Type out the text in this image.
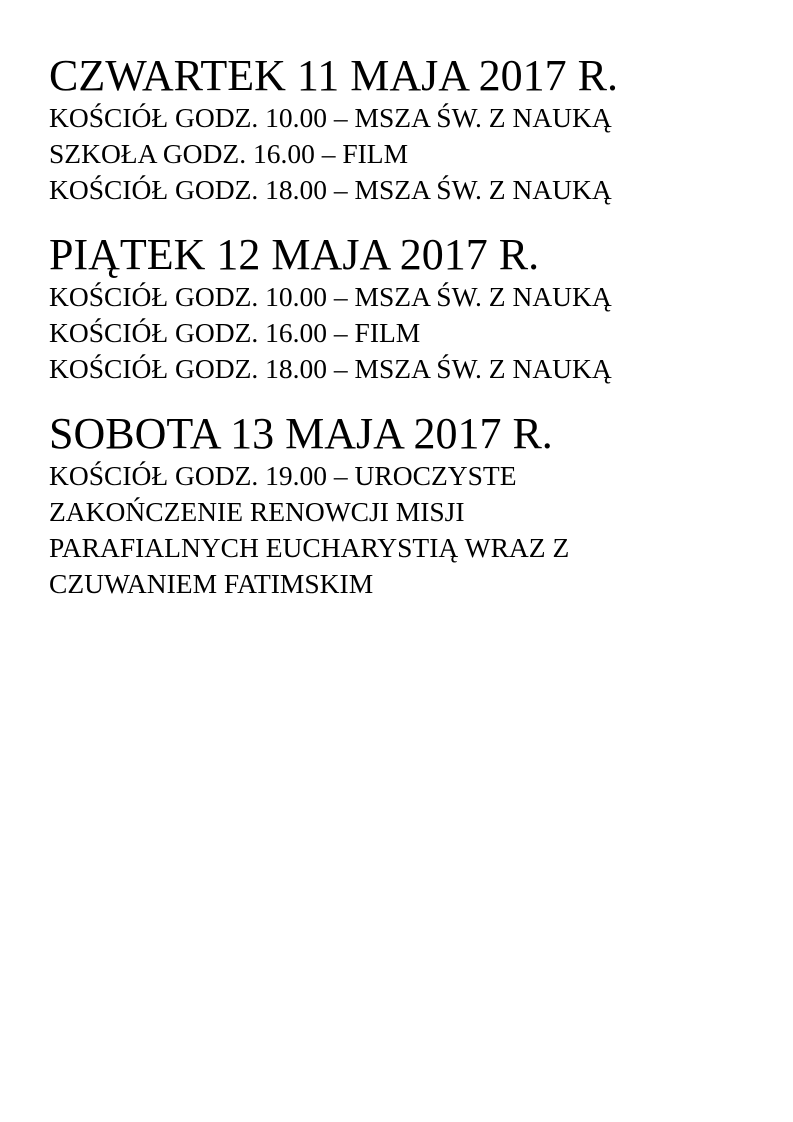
CZWARTEK 11 MAJA 2017 R.

KOŚCIÓŁ GODZ. 10.00 – MSZA ŚW. Z NAUKĄ

SZKOŁA GODZ. 16.00 – FILM

KOŚCIÓŁ GODZ. 18.00 – MSZA ŚW. Z NAUKĄ

PIĄTEK 12 MAJA 2017 R.

KOŚCIÓŁ GODZ. 10.00 – MSZA ŚW. Z NAUKĄ

KOŚCIÓŁ GODZ. 16.00 – FILM

KOŚCIÓŁ GODZ. 18.00 – MSZA ŚW. Z NAUKĄ

SOBOTA 13 MAJA 2017 R.

KOŚCIÓŁ GODZ. 19.00 – UROCZYSTE

ZAKOŃCZENIE RENOWCJI MISJI

PARAFIALNYCH EUCHARYSTIĄ WRAZ Z

CZUWANIEM FATIMSKIM
